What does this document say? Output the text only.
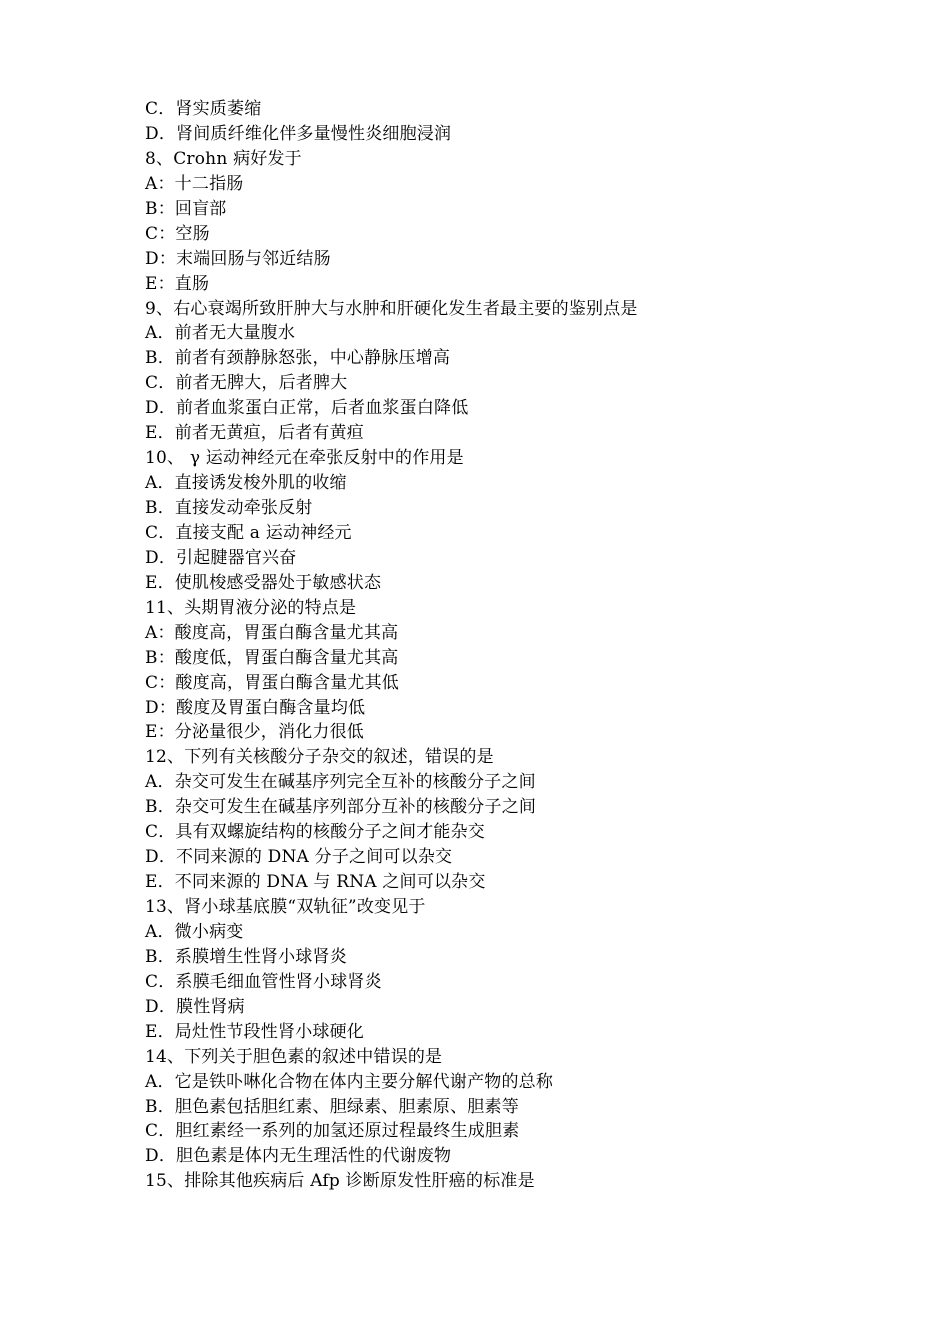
C．肾实质萎缩
D．肾间质纤维化伴多量慢性炎细胞浸润
8、Crohn 病好发于
A：十二指肠
B：回盲部
C：空肠
D：末端回肠与邻近结肠
E：直肠
9、右心衰竭所致肝肿大与水肿和肝硬化发生者最主要的鉴别点是
A．前者无大量腹水
B．前者有颈静脉怒张，中心静脉压增高
C．前者无脾大，后者脾大
D．前者血浆蛋白正常，后者血浆蛋白降低
E．前者无黄疸，后者有黄疸
10、 γ 运动神经元在牵张反射中的作用是
A．直接诱发梭外肌的收缩
B．直接发动牵张反射
C．直接支配 a 运动神经元
D．引起腱器官兴奋
E．使肌梭感受器处于敏感状态
11、头期胃液分泌的特点是
A：酸度高，胃蛋白酶含量尤其高
B：酸度低，胃蛋白酶含量尤其高
C：酸度高，胃蛋白酶含量尤其低
D：酸度及胃蛋白酶含量均低
E：分泌量很少，消化力很低
12、下列有关核酸分子杂交的叙述，错误的是
A．杂交可发生在碱基序列完全互补的核酸分子之间
B．杂交可发生在碱基序列部分互补的核酸分子之间
C．具有双螺旋结构的核酸分子之间才能杂交
D．不同来源的 DNA 分子之间可以杂交
E．不同来源的 DNA 与 RNA 之间可以杂交
13、肾小球基底膜“双轨征”改变见于
A．微小病变
B．系膜增生性肾小球肾炎
C．系膜毛细血管性肾小球肾炎
D．膜性肾病
E．局灶性节段性肾小球硬化
14、下列关于胆色素的叙述中错误的是
A．它是铁卟啉化合物在体内主要分解代谢产物的总称
B．胆色素包括胆红素、胆绿素、胆素原、胆素等
C．胆红素经一系列的加氢还原过程最终生成胆素
D．胆色素是体内无生理活性的代谢废物
15、排除其他疾病后 Afp 诊断原发性肝癌的标准是
